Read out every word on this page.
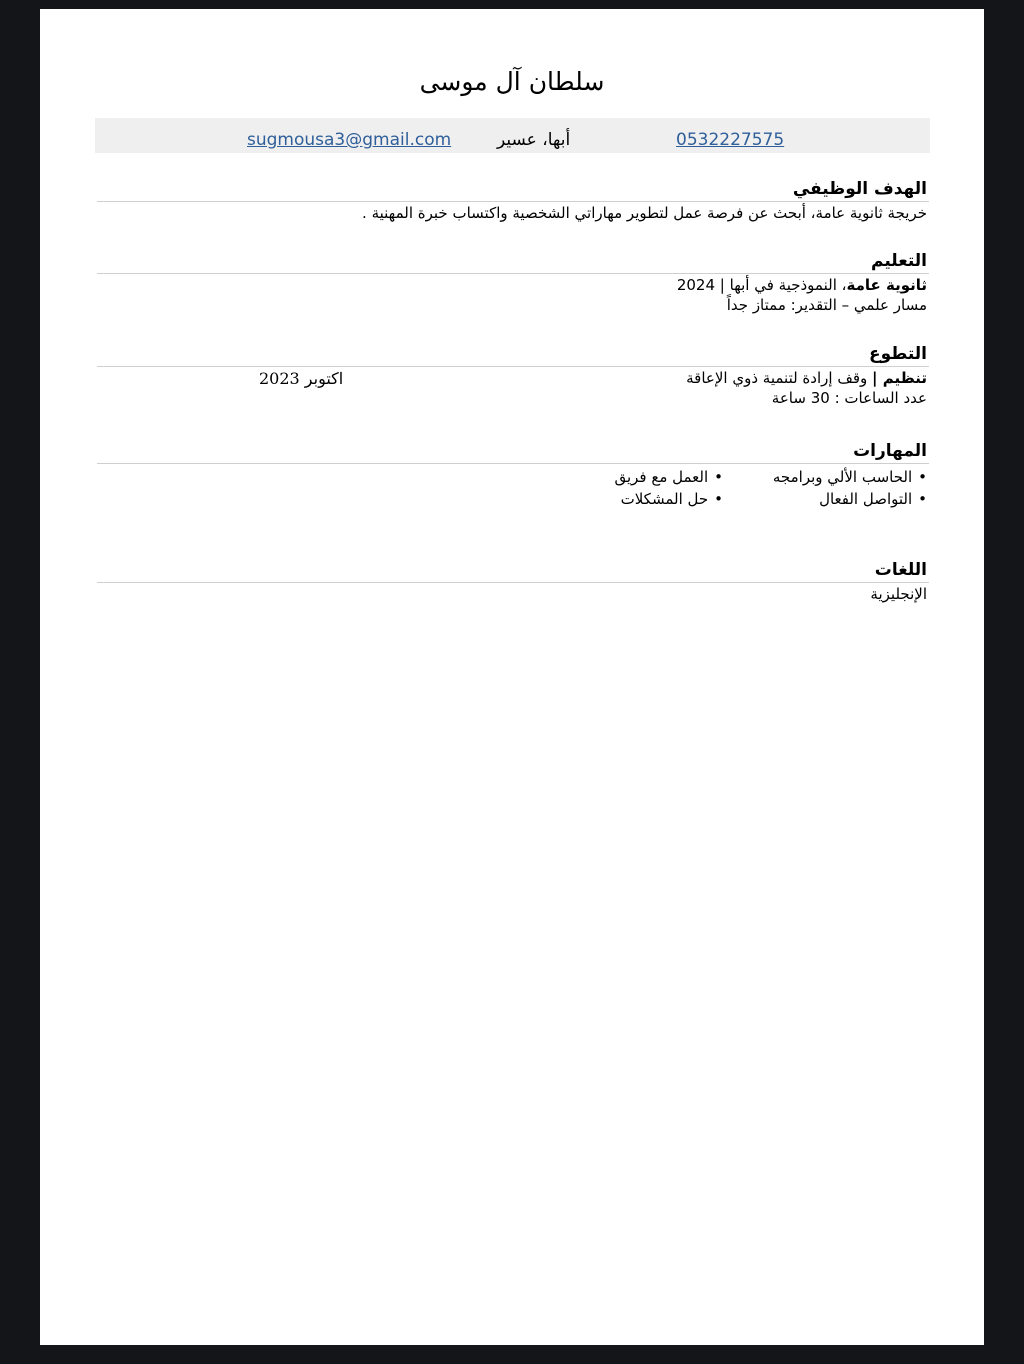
سلطان آل موسى
sugmousa3@gmail.com	أبها، عسير	0532227575
الهدف الوظيفي

خريجة ثانوية عامة، أبحث عن فرصة عمل لتطوير مهاراتي الشخصية واكتساب خبرة المهنية .

التعليم

ثانوية عامة، النموذجية في أبها | 2024

مسار علمي – التقدير: ممتاز جداً

التطوع

تنظيم | وقف إرادة لتنمية ذوي الإعاقة
اكتوبر 2023

عدد الساعات : 30 ساعة

المهارات
•الحاسب الألي وبرامجه
•التواصل الفعال
•العمل مع فريق
•حل المشكلات
اللغات

الإنجليزية
